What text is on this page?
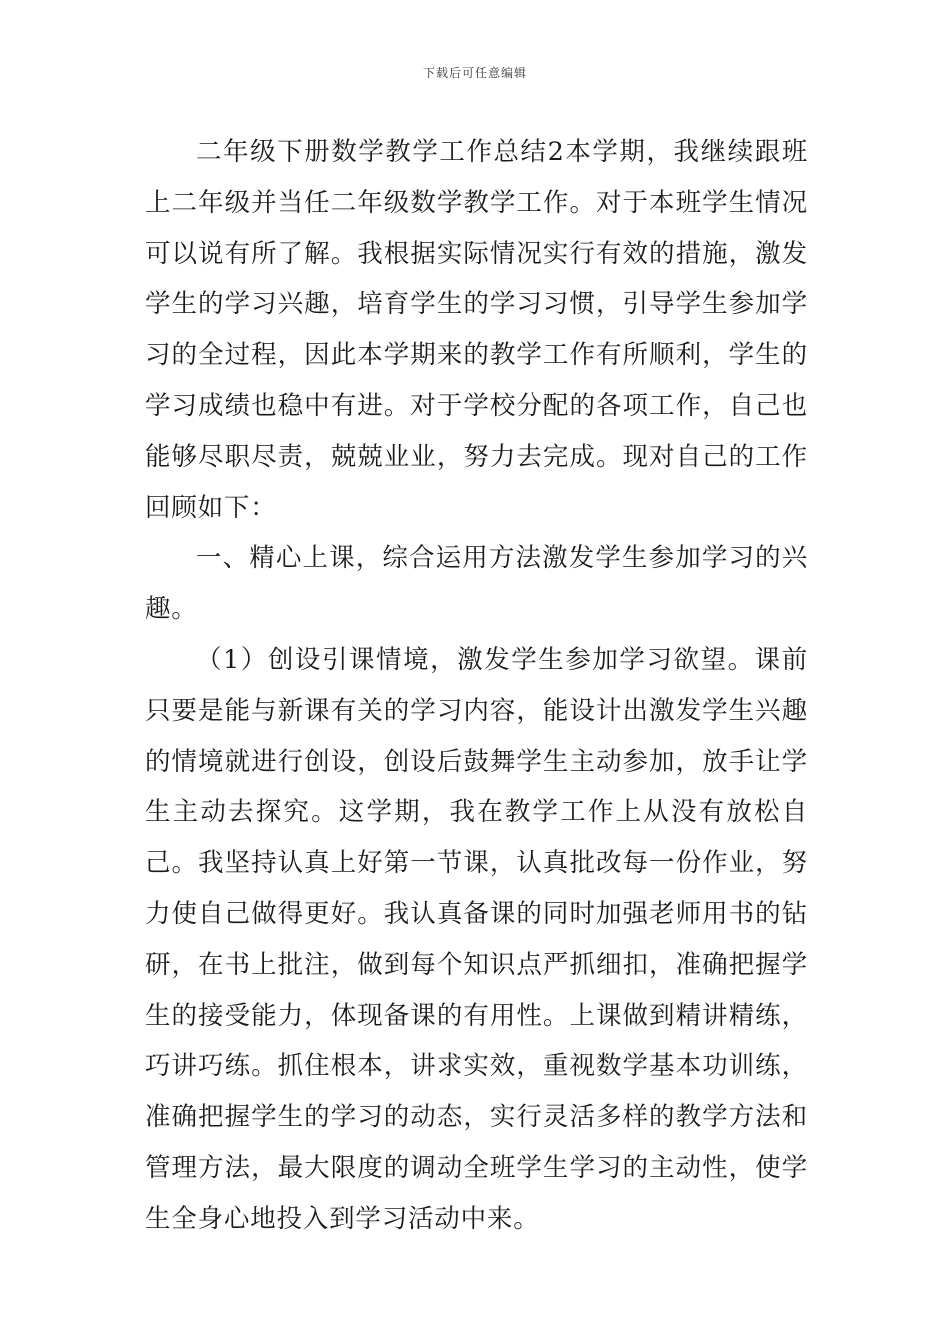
下载后可任意编辑

二年级下册数学教学工作总结2本学期，我继续跟班上二年级并当任二年级数学教学工作。对于本班学生情况可以说有所了解。我根据实际情况实行有效的措施，激发学生的学习兴趣，培育学生的学习习惯，引导学生参加学习的全过程，因此本学期来的教学工作有所顺利，学生的学习成绩也稳中有进。对于学校分配的各项工作，自己也能够尽职尽责，兢兢业业，努力去完成。现对自己的工作回顾如下：

一、精心上课，综合运用方法激发学生参加学习的兴趣。

（1）创设引课情境，激发学生参加学习欲望。课前只要是能与新课有关的学习内容，能设计出激发学生兴趣的情境就进行创设，创设后鼓舞学生主动参加，放手让学生主动去探究。这学期，我在教学工作上从没有放松自己。我坚持认真上好第一节课，认真批改每一份作业，努力使自己做得更好。我认真备课的同时加强老师用书的钻研，在书上批注，做到每个知识点严抓细扣，准确把握学生的接受能力，体现备课的有用性。上课做到精讲精练，巧讲巧练。抓住根本，讲求实效，重视数学基本功训练，准确把握学生的学习的动态，实行灵活多样的教学方法和管理方法，最大限度的调动全班学生学习的主动性，使学生全身心地投入到学习活动中来。
